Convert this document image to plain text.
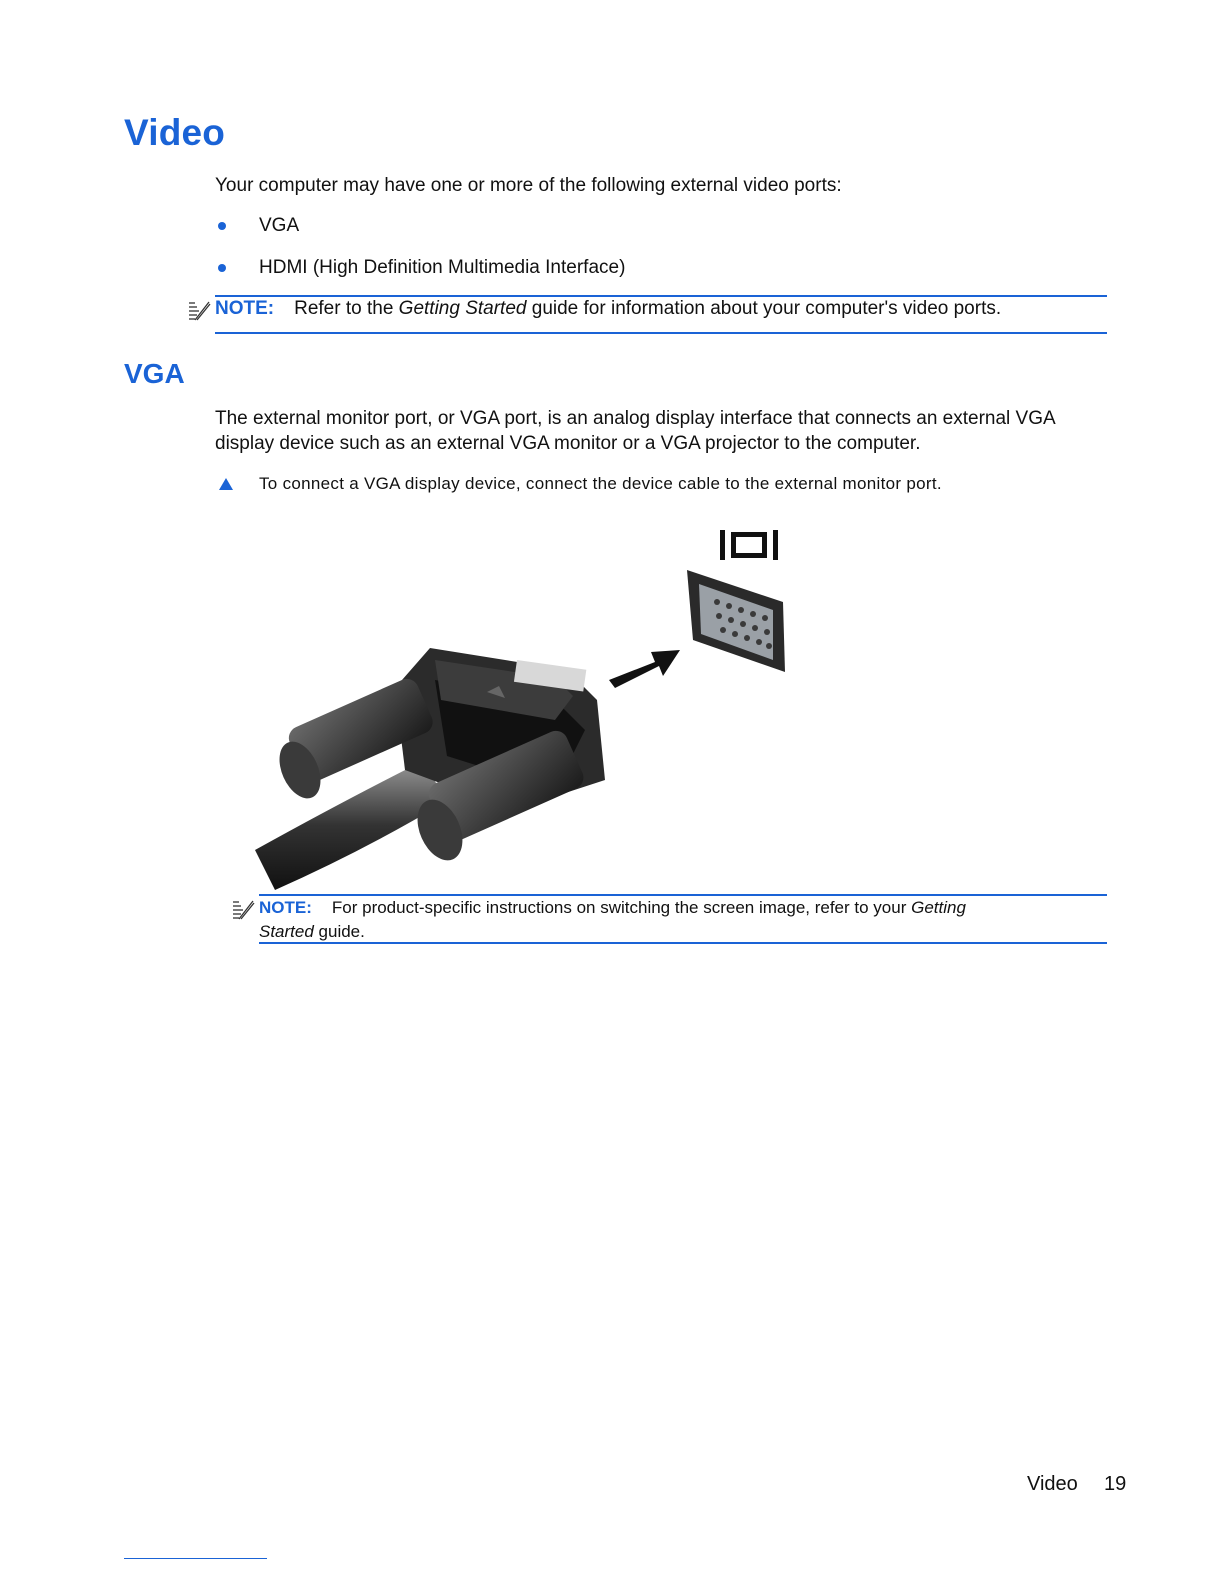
Video
Your computer may have one or more of the following external video ports:
VGA
HDMI (High Definition Multimedia Interface)
NOTE: Refer to the Getting Started guide for information about your computer's video ports.
VGA
The external monitor port, or VGA port, is an analog display interface that connects an external VGA
display device such as an external VGA monitor or a VGA projector to the computer.
To connect a VGA display device, connect the device cable to the external monitor port.
NOTE: For product-specific instructions on switching the screen image, refer to your Getting
Started guide.
Video 19
